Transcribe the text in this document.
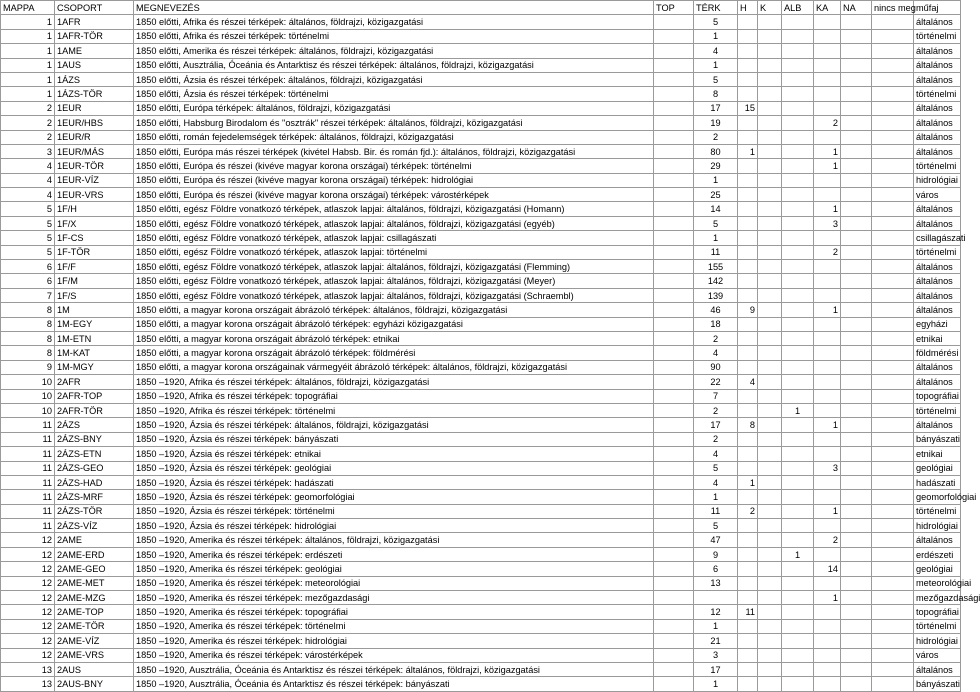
MAPPA	CSOPORT	MEGNEVEZÉS	TOP	TÉRK	H	K	ALB	KA	NA	nincs meg	műfaj
1	1AFR	1850 előtti, Afrika és részei térképek: általános, földrajzi, közigazgatási		5							általános
1	1AFR-TÖR	1850 előtti, Afrika és részei térképek: történelmi		1							történelmi
1	1AME	1850 előtti, Amerika és részei térképek: általános, földrajzi, közigazgatási		4							általános
1	1AUS	1850 előtti, Ausztrália, Óceánia és Antarktisz és részei térképek: általános, földrajzi, közigazgatási		1							általános
1	1ÁZS	1850 előtti, Ázsia és részei térképek: általános, földrajzi, közigazgatási		5							általános
1	1ÁZS-TÖR	1850 előtti, Ázsia és részei térképek: történelmi		8							történelmi
2	1EUR	1850 előtti, Európa térképek: általános, földrajzi, közigazgatási		17	15						általános
2	1EUR/HBS	1850 előtti, Habsburg Birodalom és "osztrák" részei térképek: általános, földrajzi, közigazgatási		19				2			általános
2	1EUR/R	1850 előtti, román fejedelemségek térképek: általános, földrajzi, közigazgatási		2							általános
3	1EUR/MÁS	1850 előtti, Európa más részei térképek (kivétel Habsb. Bir. és román fjd.): általános, földrajzi, közigazgatási		80	1			1			általános
4	1EUR-TÖR	1850 előtti, Európa és részei (kivéve magyar korona országai) térképek: történelmi		29				1			történelmi
4	1EUR-VÍZ	1850 előtti, Európa és részei (kivéve magyar korona országai) térképek: hidrológiai		1							hidrológiai
4	1EUR-VRS	1850 előtti, Európa és részei (kivéve magyar korona országai) térképek: várostérképek		25							város
5	1F/H	1850 előtti, egész Földre vonatkozó térképek, atlaszok lapjai: általános, földrajzi, közigazgatási (Homann)		14				1			általános
5	1F/X	1850 előtti, egész Földre vonatkozó térképek, atlaszok lapjai: általános, földrajzi, közigazgatási (egyéb)		5				3			általános
5	1F-CS	1850 előtti, egész Földre vonatkozó térképek, atlaszok lapjai: csillagászati		1							csillagászati
5	1F-TÖR	1850 előtti, egész Földre vonatkozó térképek, atlaszok lapjai: történelmi		11				2			történelmi
6	1F/F	1850 előtti, egész Földre vonatkozó térképek, atlaszok lapjai: általános, földrajzi, közigazgatási (Flemming)		155							általános
6	1F/M	1850 előtti, egész Földre vonatkozó térképek, atlaszok lapjai: általános, földrajzi, közigazgatási (Meyer)		142							általános
7	1F/S	1850 előtti, egész Földre vonatkozó térképek, atlaszok lapjai: általános, földrajzi, közigazgatási (Schraembl)		139							általános
8	1M	1850 előtti, a magyar korona országait ábrázoló térképek: általános, földrajzi, közigazgatási		46	9			1			általános
8	1M-EGY	1850 előtti, a magyar korona országait ábrázoló térképek: egyházi közigazgatási		18							egyházi
8	1M-ETN	1850 előtti, a magyar korona országait ábrázoló térképek: etnikai		2							etnikai
8	1M-KAT	1850 előtti, a magyar korona országait ábrázoló térképek: földmérési		4							földmérési
9	1M-MGY	1850 előtti, a magyar korona országainak vármegyéit ábrázoló térképek: általános, földrajzi, közigazgatási		90							általános
10	2AFR	1850 –1920, Afrika és részei térképek: általános, földrajzi, közigazgatási		22	4						általános
10	2AFR-TOP	1850 –1920, Afrika és részei térképek: topográfiai		7							topográfiai
10	2AFR-TÖR	1850 –1920, Afrika és részei térképek: történelmi		2			1				történelmi
11	2ÁZS	1850 –1920, Ázsia és részei térképek: általános, földrajzi, közigazgatási		17	8			1			általános
11	2ÁZS-BNY	1850 –1920, Ázsia és részei térképek: bányászati		2							bányászati
11	2ÁZS-ETN	1850 –1920, Ázsia és részei térképek: etnikai		4							etnikai
11	2ÁZS-GEO	1850 –1920, Ázsia és részei térképek: geológiai		5				3			geológiai
11	2ÁZS-HAD	1850 –1920, Ázsia és részei térképek: hadászati		4	1						hadászati
11	2ÁZS-MRF	1850 –1920, Ázsia és részei térképek: geomorfológiai		1							geomorfológiai
11	2ÁZS-TÖR	1850 –1920, Ázsia és részei térképek: történelmi		11	2			1			történelmi
11	2ÁZS-VÍZ	1850 –1920, Ázsia és részei térképek: hidrológiai		5							hidrológiai
12	2AME	1850 –1920, Amerika és részei térképek: általános, földrajzi, közigazgatási		47				2			általános
12	2AME-ERD	1850 –1920, Amerika és részei térképek: erdészeti		9			1				erdészeti
12	2AME-GEO	1850 –1920, Amerika és részei térképek: geológiai		6				14			geológiai
12	2AME-MET	1850 –1920, Amerika és részei térképek: meteorológiai		13							meteorológiai
12	2AME-MZG	1850 –1920, Amerika és részei térképek: mezőgazdasági						1			mezőgazdasági
12	2AME-TOP	1850 –1920, Amerika és részei térképek: topográfiai		12	11						topográfiai
12	2AME-TÖR	1850 –1920, Amerika és részei térképek: történelmi		1							történelmi
12	2AME-VÍZ	1850 –1920, Amerika és részei térképek: hidrológiai		21							hidrológiai
12	2AME-VRS	1850 –1920, Amerika és részei térképek: várostérképek		3							város
13	2AUS	1850 –1920, Ausztrália, Óceánia és Antarktisz és részei térképek: általános, földrajzi, közigazgatási		17							általános
13	2AUS-BNY	1850 –1920, Ausztrália, Óceánia és Antarktisz és részei térképek: bányászati		1							bányászati
